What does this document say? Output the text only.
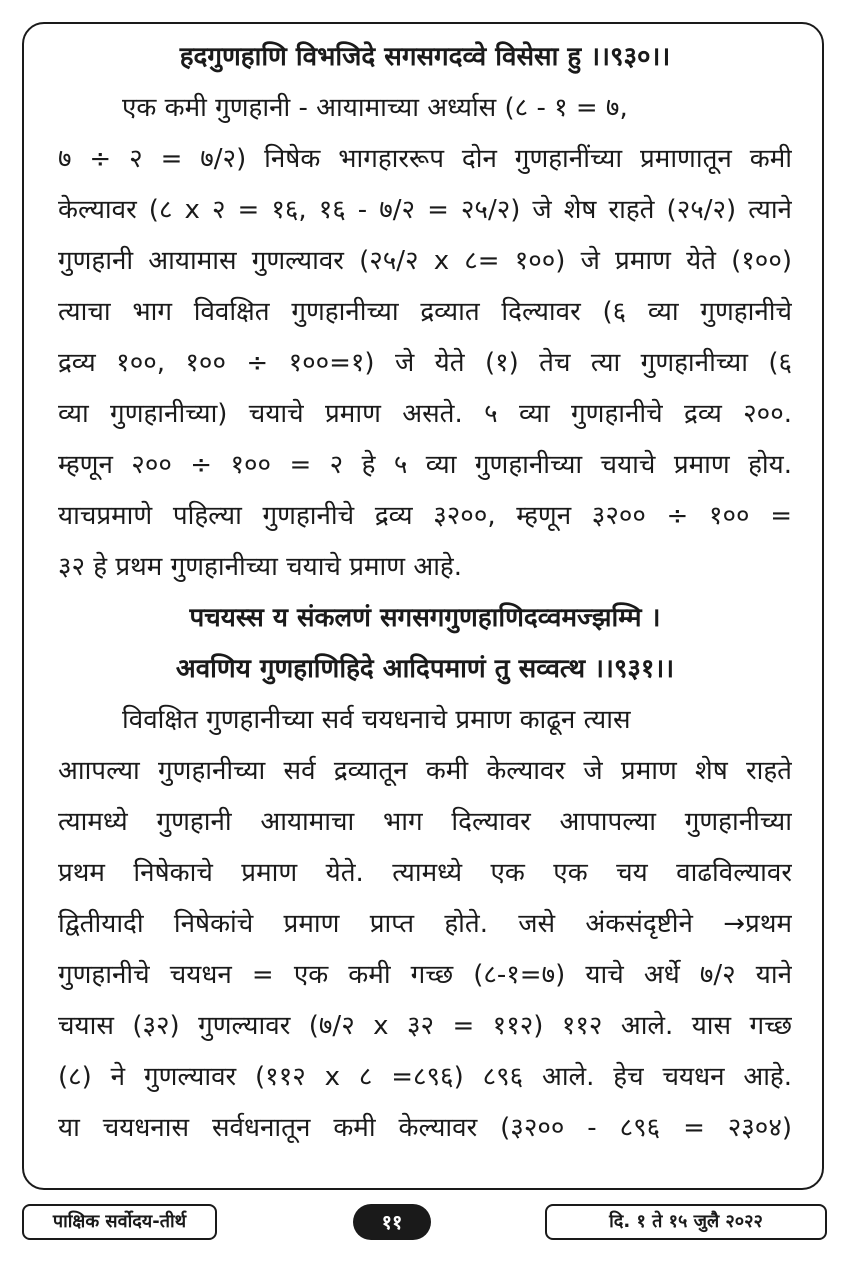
हदगुणहाणि विभजिदे सगसगदव्वे विसेसा हु ।।९३०।।
एक कमी गुणहानी - आयामाच्या अर्ध्यास (८ - १ = ७,
७ ÷ २ = ७/२) निषेक भागहाररूप दोन गुणहानींच्या प्रमाणातून कमी
केल्यावर (८ x २ = १६, १६ - ७/२ = २५/२) जे शेष राहते (२५/२) त्याने
गुणहानी आयामास गुणल्यावर (२५/२ x ८= १००) जे प्रमाण येते (१००)
त्याचा भाग विवक्षित गुणहानीच्या द्रव्यात दिल्यावर (६ व्या गुणहानीचे
द्रव्य १००, १०० ÷ १००=१) जे येते (१) तेच त्या गुणहानीच्या (६
व्या गुणहानीच्या) चयाचे प्रमाण असते. ५ व्या गुणहानीचे द्रव्य २००.
म्हणून २०० ÷ १०० = २ हे ५ व्या गुणहानीच्या चयाचे प्रमाण होय.
याचप्रमाणे पहिल्या गुणहानीचे द्रव्य ३२००, म्हणून ३२०० ÷ १०० =
३२ हे प्रथम गुणहानीच्या चयाचे प्रमाण आहे.
पचयस्स य संकलणं सगसगगुणहाणिदव्वमज्झम्मि ।
अवणिय गुणहाणिहिदे आदिपमाणं तु सव्वत्थ ।।९३१।।
विवक्षित गुणहानीच्या सर्व चयधनाचे प्रमाण काढून त्यास
आापल्या गुणहानीच्या सर्व द्रव्यातून कमी केल्यावर जे प्रमाण शेष राहते
त्यामध्ये गुणहानी आयामाचा भाग दिल्यावर आपापल्या गुणहानीच्या
प्रथम निषेकाचे प्रमाण येते. त्यामध्ये एक एक चय वाढविल्यावर
द्वितीयादी निषेकांचे प्रमाण प्राप्त होते. जसे अंकसंदृष्टीने →प्रथम
गुणहानीचे चयधन = एक कमी गच्छ (८-१=७) याचे अर्धे ७/२ याने
चयास (३२) गुणल्यावर (७/२ x ३२ = ११२) ११२ आले. यास गच्छ
(८) ने गुणल्यावर (११२ x ८ =८९६) ८९६ आले. हेच चयधन आहे.
या चयधनास सर्वधनातून कमी केल्यावर (३२०० - ८९६ = २३०४)
पाक्षिक सर्वोदय-तीर्थ	११	दि. १ ते १५ जुलै २०२२
